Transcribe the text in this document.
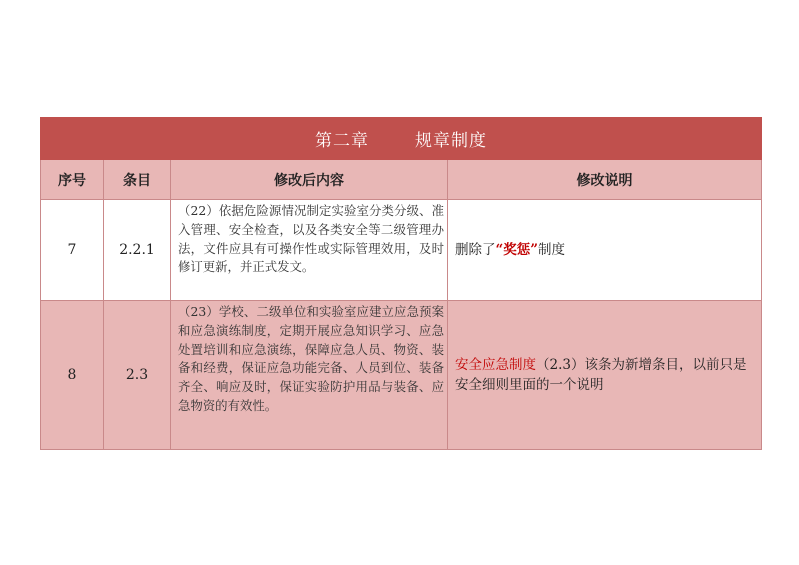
第二章 规章制度			
序号	条目	修改后内容	修改说明
7	2.2.1	（22）依据危险源情况制定实验室分类分级、准入管理、安全检查，以及各类安全等二级管理办法，文件应具有可操作性或实际管理效用，及时修订更新，并正式发文。	删除了“奖惩”制度
8	2.3	（23）学校、二级单位和实验室应建立应急预案和应急演练制度，定期开展应急知识学习、应急处置培训和应急演练，保障应急人员、物资、装备和经费，保证应急功能完备、人员到位、装备齐全、响应及时，保证实验防护用品与装备、应急物资的有效性。	安全应急制度（2.3）该条为新增条目，以前只是安全细则里面的一个说明
